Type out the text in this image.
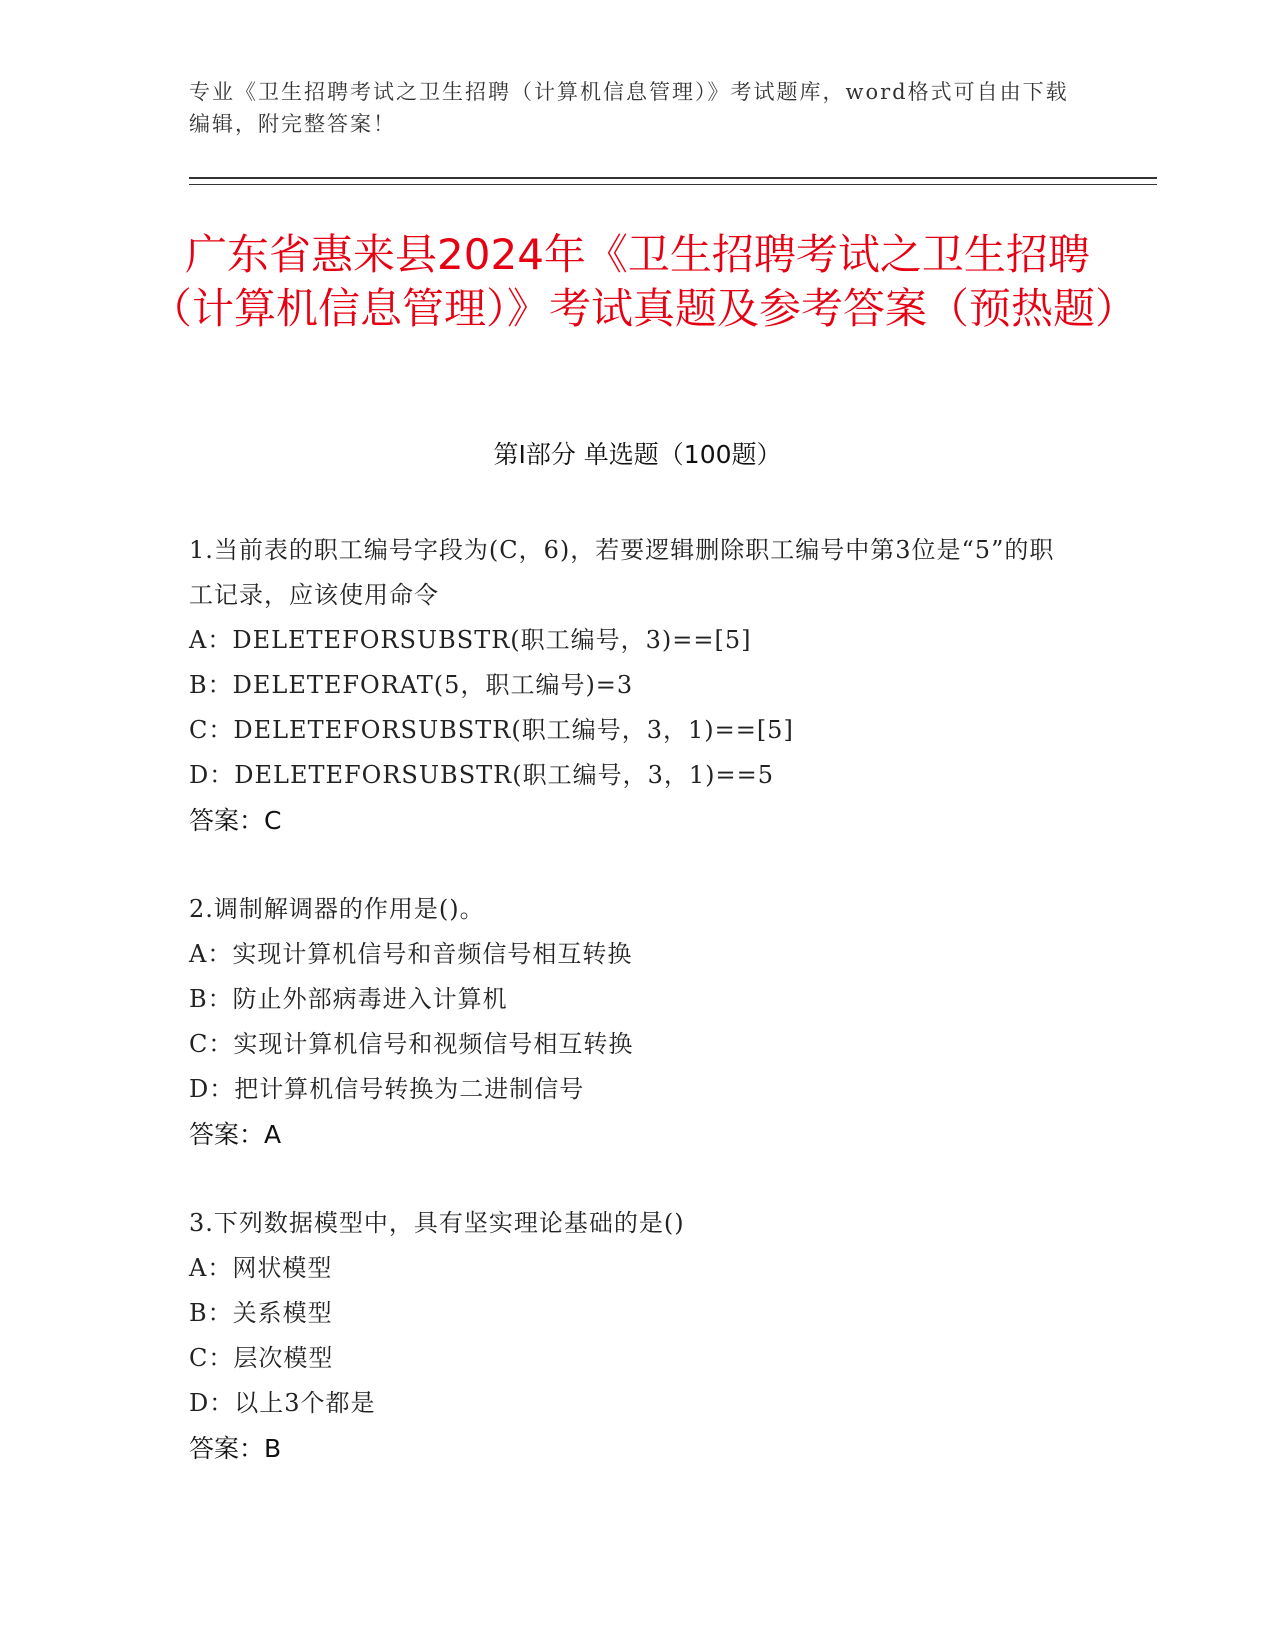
专业《卫生招聘考试之卫生招聘（计算机信息管理）》考试题库，word格式可自由下载编辑，附完整答案！
广东省惠来县2024年《卫生招聘考试之卫生招聘（计算机信息管理）》考试真题及参考答案（预热题）
第I部分 单选题（100题）
1.当前表的职工编号字段为(C，6)，若要逻辑删除职工编号中第3位是“5”的职工记录，应该使用命令
A：DELETEFORSUBSTR(职工编号，3)==[5]
B：DELETEFORAT(5，职工编号)=3
C：DELETEFORSUBSTR(职工编号，3，1)==[5]
D：DELETEFORSUBSTR(职工编号，3，1)==5
答案：C
2.调制解调器的作用是()。
A：实现计算机信号和音频信号相互转换
B：防止外部病毒进入计算机
C：实现计算机信号和视频信号相互转换
D：把计算机信号转换为二进制信号
答案：A
3.下列数据模型中，具有坚实理论基础的是()
A：网状模型
B：关系模型
C：层次模型
D：以上3个都是
答案：B
